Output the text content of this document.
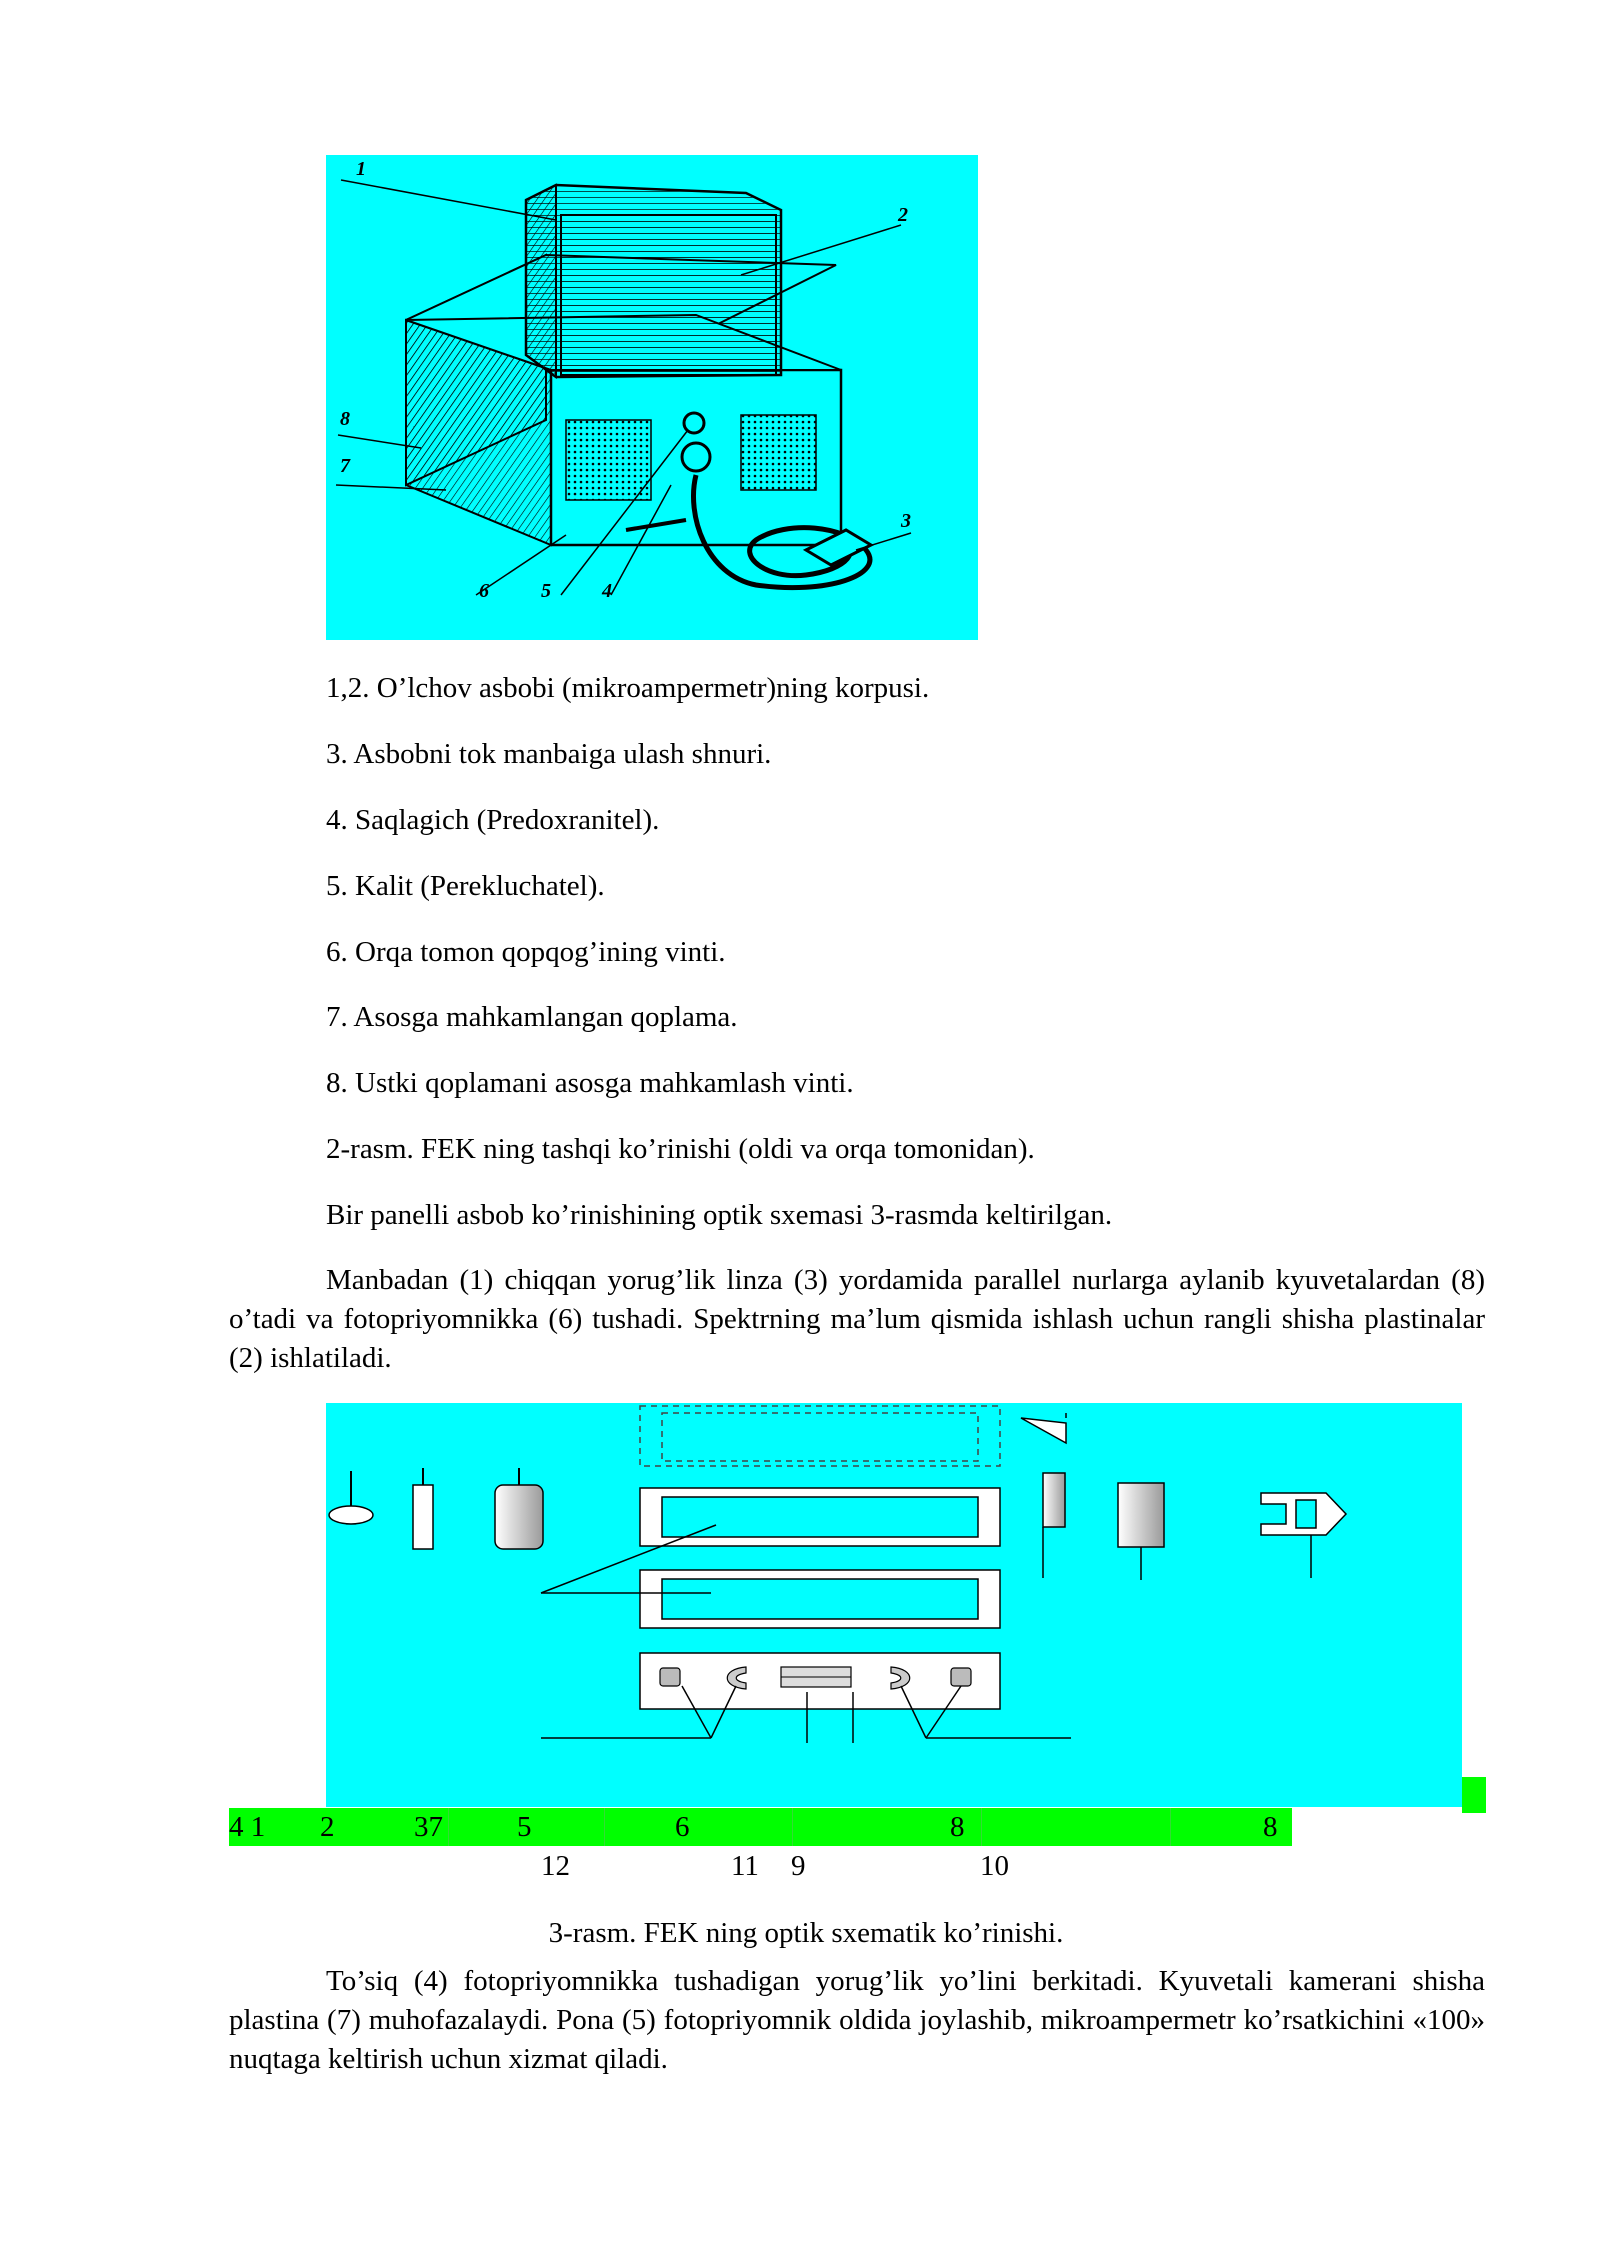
1
2
3
4
5
6
7
8
1,2. O’lchov asbobi (mikroampermetr)ning korpusi.
3. Asbobni tok manbaiga ulash shnuri.
4. Saqlagich (Predoxranitel).
5. Kalit (Perekluchatel).
6. Orqa tomon qopqog’ining vinti.
7. Asosga mahkamlangan qoplama.
8. Ustki qoplamani asosga mahkamlash vinti.
2-rasm. FEK ning tashqi ko’rinishi (oldi va orqa tomonidan).
Bir panelli asbob ko’rinishining optik sxemasi 3-rasmda keltirilgan.
Manbadan (1) chiqqan yorug’lik linza (3) yordamida parallel nurlarga aylanib kyuvetalardan (8) o’tadi va fotopriyomnikka (6) tushadi. Spektrning ma’lum qismida ishlash uchun rangli shisha plastinalar (2) ishlatiladi.
4 1 2	37	5	6	8	8
12	11 9	10
3-rasm. FEK ning optik sxematik ko’rinishi.
To’siq (4) fotopriyomnikka tushadigan yorug’lik yo’lini berkitadi. Kyuvetali kamerani shisha plastina (7) muhofazalaydi. Pona (5) fotopriyomnik oldida joylashib, mikroampermetr ko’rsatkichini «100» nuqtaga keltirish uchun xizmat qiladi.
